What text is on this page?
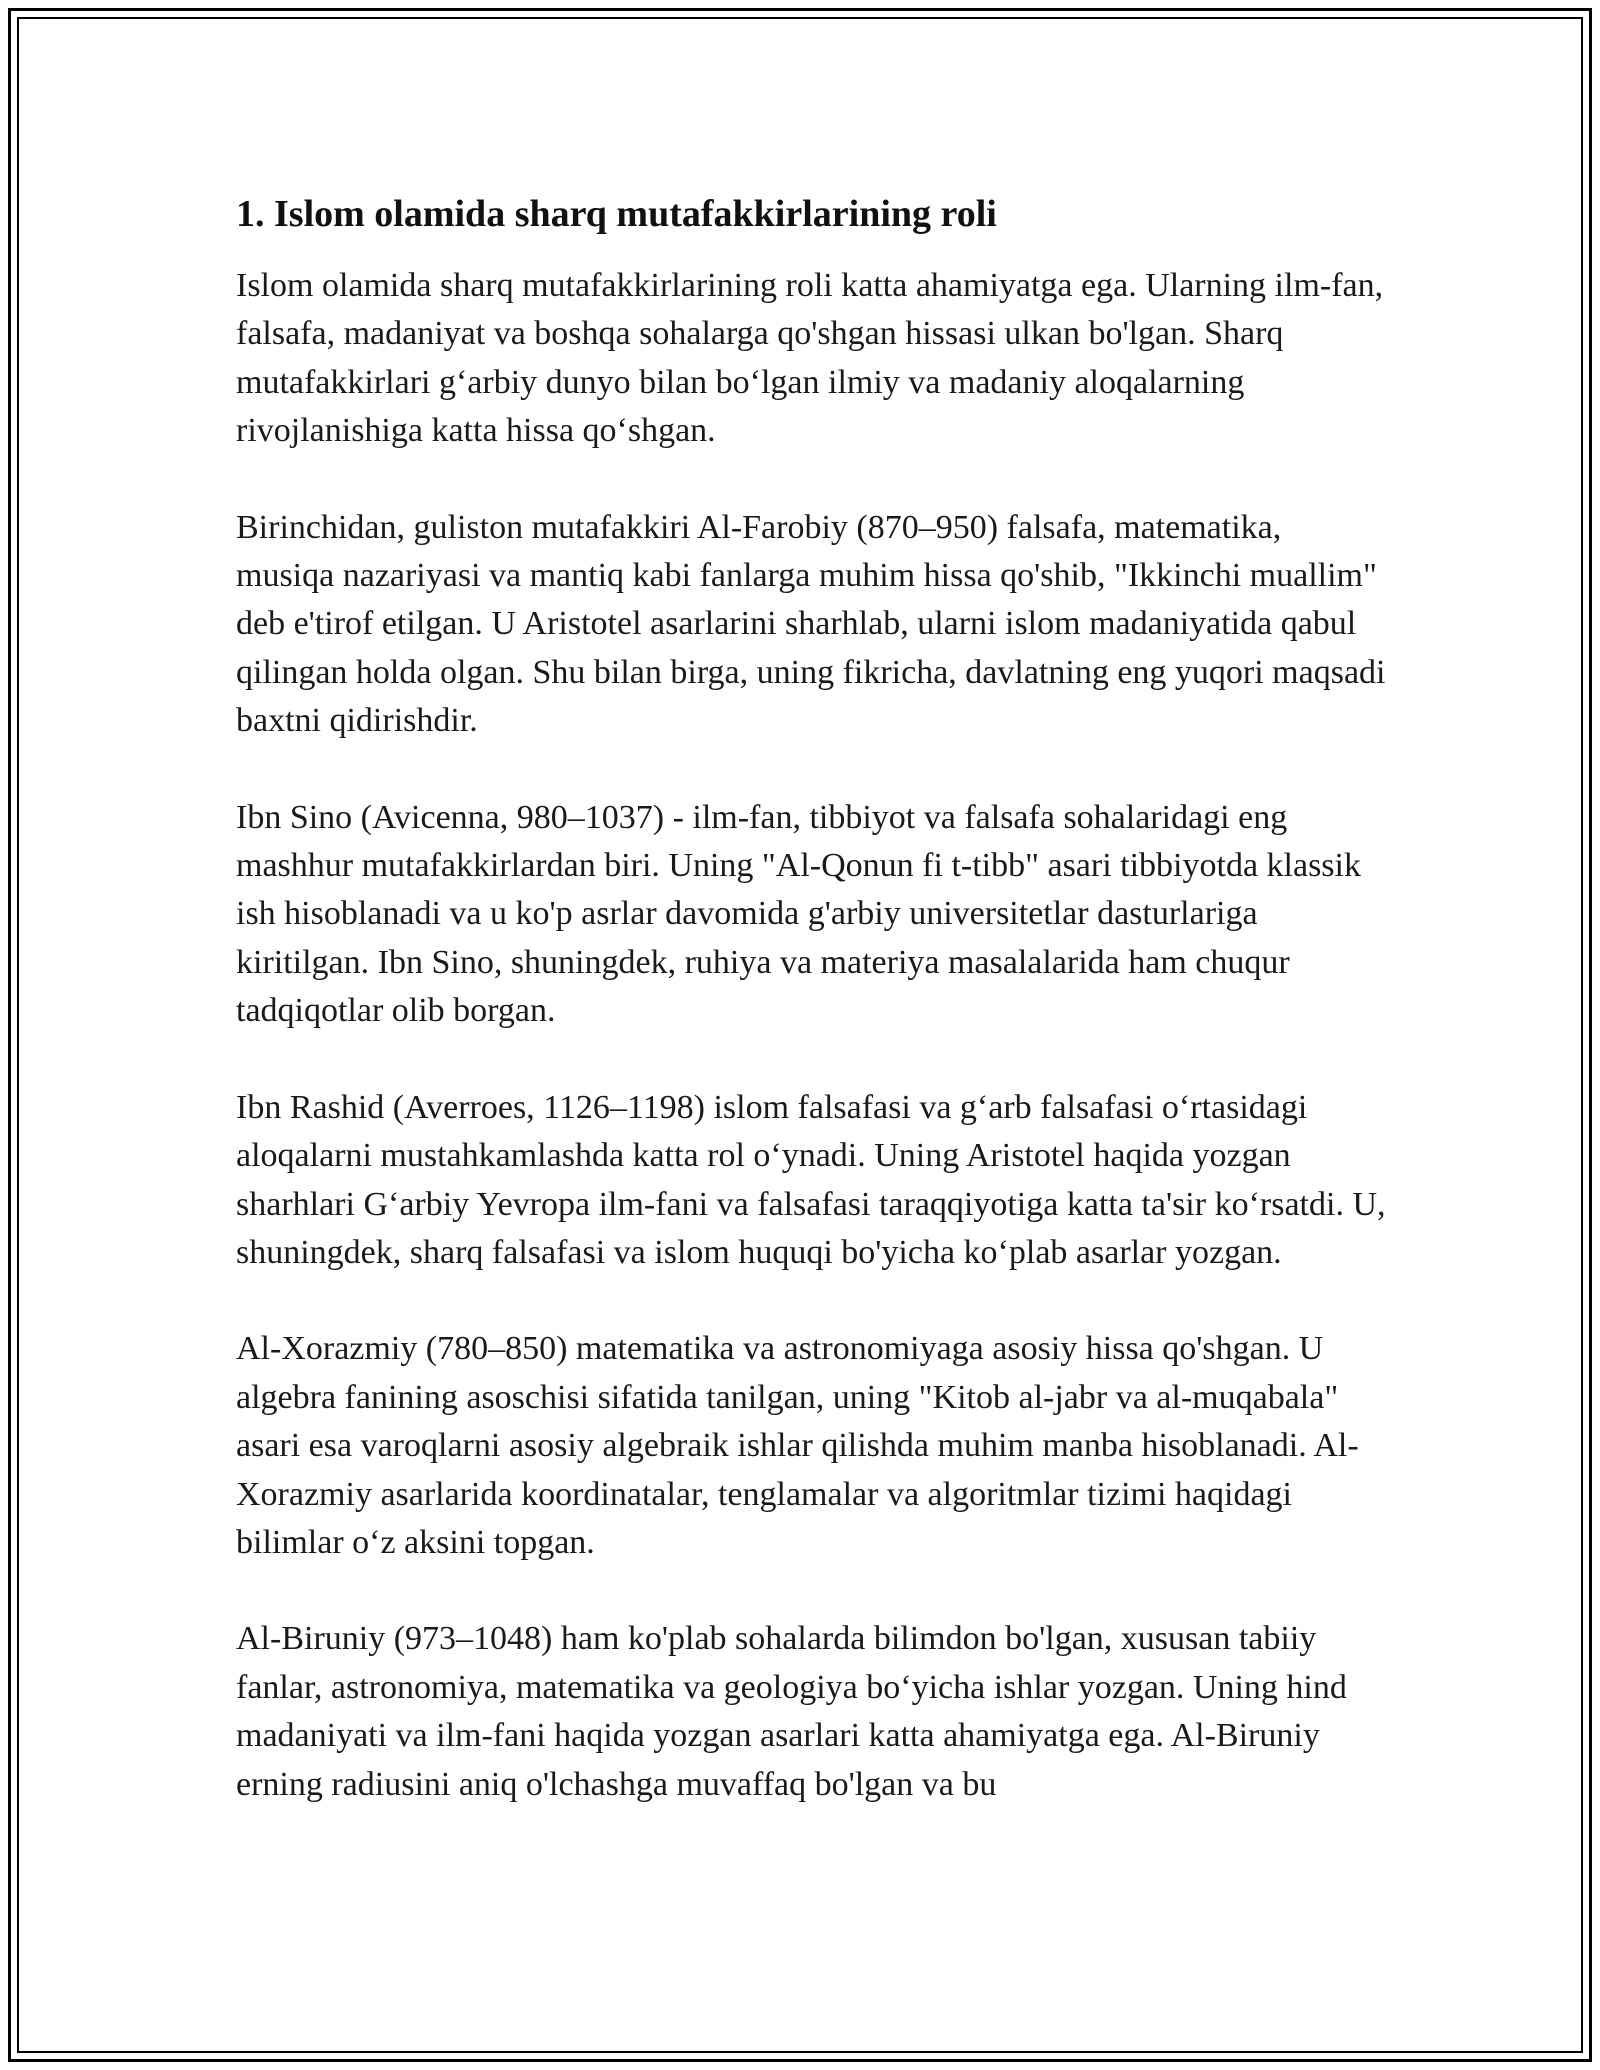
1. Islom olamida sharq mutafakkirlarining roli

Islom olamida sharq mutafakkirlarining roli katta ahamiyatga ega. Ularning ilm-fan, falsafa, madaniyat va boshqa sohalarga qo'shgan hissasi ulkan bo'lgan. Sharq mutafakkirlari g‘arbiy dunyo bilan bo‘lgan ilmiy va madaniy aloqalarning rivojlanishiga katta hissa qo‘shgan.

Birinchidan, guliston mutafakkiri Al-Farobiy (870–950) falsafa, matematika, musiqa nazariyasi va mantiq kabi fanlarga muhim hissa qo'shib, "Ikkinchi muallim" deb e'tirof etilgan. U Aristotel asarlarini sharhlab, ularni islom madaniyatida qabul qilingan holda olgan. Shu bilan birga, uning fikricha, davlatning eng yuqori maqsadi baxtni qidirishdir.

Ibn Sino (Avicenna, 980–1037) - ilm-fan, tibbiyot va falsafa sohalaridagi eng mashhur mutafakkirlardan biri. Uning "Al-Qonun fi t-tibb" asari tibbiyotda klassik ish hisoblanadi va u ko'p asrlar davomida g'arbiy universitetlar dasturlariga kiritilgan. Ibn Sino, shuningdek, ruhiya va materiya masalalarida ham chuqur tadqiqotlar olib borgan.

Ibn Rashid (Averroes, 1126–1198) islom falsafasi va g‘arb falsafasi o‘rtasidagi aloqalarni mustahkamlashda katta rol o‘ynadi. Uning Aristotel haqida yozgan sharhlari G‘arbiy Yevropa ilm-fani va falsafasi taraqqiyotiga katta ta'sir ko‘rsatdi. U, shuningdek, sharq falsafasi va islom huquqi bo'yicha ko‘plab asarlar yozgan.

Al-Xorazmiy (780–850) matematika va astronomiyaga asosiy hissa qo'shgan. U algebra fanining asoschisi sifatida tanilgan, uning "Kitob al-jabr va al-muqabala" asari esa varoqlarni asosiy algebraik ishlar qilishda muhim manba hisoblanadi. Al-Xorazmiy asarlarida koordinatalar, tenglamalar va algoritmlar tizimi haqidagi bilimlar o‘z aksini topgan.

Al-Biruniy (973–1048) ham ko'plab sohalarda bilimdon bo'lgan, xususan tabiiy fanlar, astronomiya, matematika va geologiya bo‘yicha ishlar yozgan. Uning hind madaniyati va ilm-fani haqida yozgan asarlari katta ahamiyatga ega. Al-Biruniy erning radiusini aniq o'lchashga muvaffaq bo'lgan va bu
